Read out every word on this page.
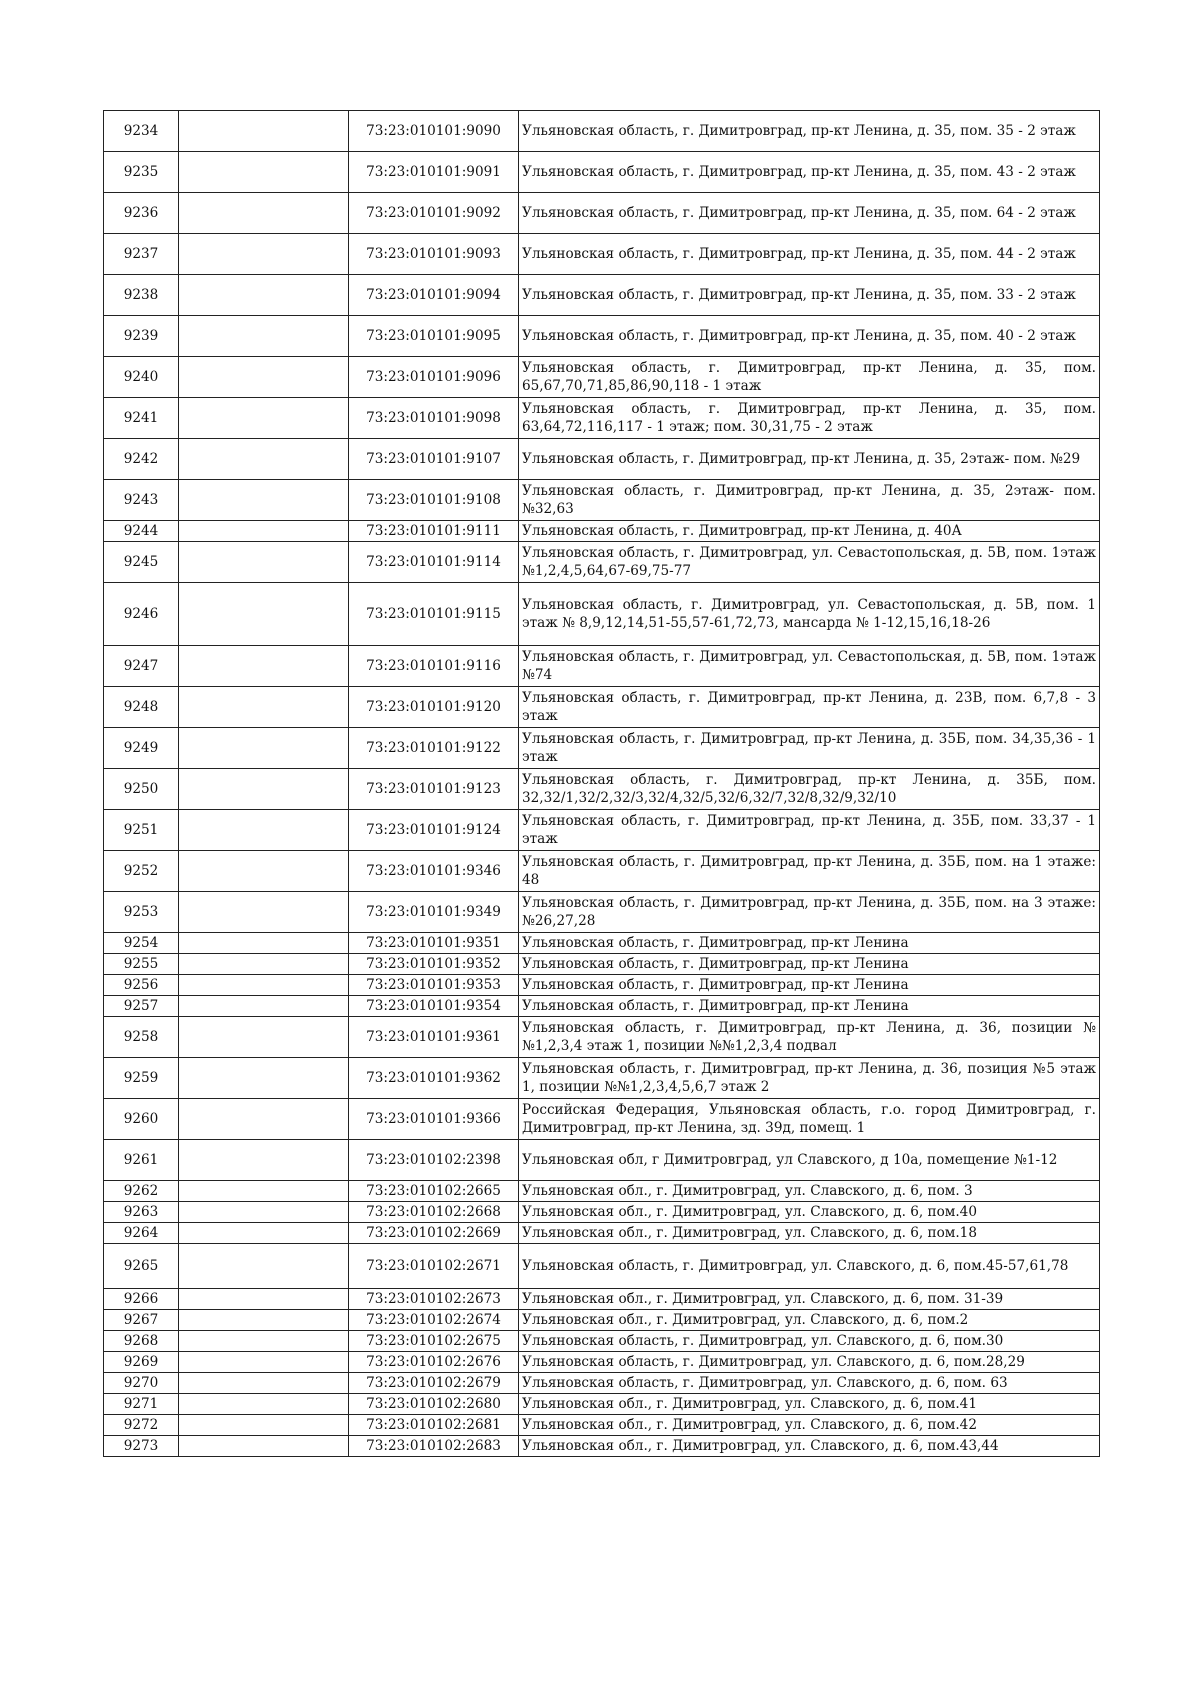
9234		73:23:010101:9090	Ульяновская область, г. Димитровград, пр-кт Ленина, д. 35, пом. 35 - 2 этаж
9235		73:23:010101:9091	Ульяновская область, г. Димитровград, пр-кт Ленина, д. 35, пом. 43 - 2 этаж
9236		73:23:010101:9092	Ульяновская область, г. Димитровград, пр-кт Ленина, д. 35, пом. 64 - 2 этаж
9237		73:23:010101:9093	Ульяновская область, г. Димитровград, пр-кт Ленина, д. 35, пом. 44 - 2 этаж
9238		73:23:010101:9094	Ульяновская область, г. Димитровград, пр-кт Ленина, д. 35, пом. 33 - 2 этаж
9239		73:23:010101:9095	Ульяновская область, г. Димитровград, пр-кт Ленина, д. 35, пом. 40 - 2 этаж
9240		73:23:010101:9096	Ульяновская область, г. Димитровград, пр-кт Ленина, д. 35, пом. 65,67,70,71,85,86,90,118 - 1 этаж
9241		73:23:010101:9098	Ульяновская область, г. Димитровград, пр-кт Ленина, д. 35, пом. 63,64,72,116,117 - 1 этаж; пом. 30,31,75 - 2 этаж
9242		73:23:010101:9107	Ульяновская область, г. Димитровград, пр-кт Ленина, д. 35, 2этаж- пом. №29
9243		73:23:010101:9108	Ульяновская область, г. Димитровград, пр-кт Ленина, д. 35, 2этаж- пом. №32,63
9244		73:23:010101:9111	Ульяновская область, г. Димитровград, пр-кт Ленина, д. 40А
9245		73:23:010101:9114	Ульяновская область, г. Димитровград, ул. Севастопольская, д. 5В, пом. 1этаж №1,2,4,5,64,67-69,75-77
9246		73:23:010101:9115	Ульяновская область, г. Димитровград, ул. Севастопольская, д. 5В, пом. 1 этаж № 8,9,12,14,51-55,57-61,72,73, мансарда № 1-12,15,16,18-26
9247		73:23:010101:9116	Ульяновская область, г. Димитровград, ул. Севастопольская, д. 5В, пом. 1этаж №74
9248		73:23:010101:9120	Ульяновская область, г. Димитровград, пр-кт Ленина, д. 23В, пом. 6,7,8 - 3 этаж
9249		73:23:010101:9122	Ульяновская область, г. Димитровград, пр-кт Ленина, д. 35Б, пом. 34,35,36 - 1 этаж
9250		73:23:010101:9123	Ульяновская область, г. Димитровград, пр-кт Ленина, д. 35Б, пом. 32,32/1,32/2,32/3,32/4,32/5,32/6,32/7,32/8,32/9,32/10
9251		73:23:010101:9124	Ульяновская область, г. Димитровград, пр-кт Ленина, д. 35Б, пом. 33,37 - 1 этаж
9252		73:23:010101:9346	Ульяновская область, г. Димитровград, пр-кт Ленина, д. 35Б, пом. на 1 этаже: 48
9253		73:23:010101:9349	Ульяновская область, г. Димитровград, пр-кт Ленина, д. 35Б, пом. на 3 этаже: №26,27,28
9254		73:23:010101:9351	Ульяновская область, г. Димитровград, пр-кт Ленина
9255		73:23:010101:9352	Ульяновская область, г. Димитровград, пр-кт Ленина
9256		73:23:010101:9353	Ульяновская область, г. Димитровград, пр-кт Ленина
9257		73:23:010101:9354	Ульяновская область, г. Димитровград, пр-кт Ленина
9258		73:23:010101:9361	Ульяновская область, г. Димитровград, пр-кт Ленина, д. 36, позиции №№1,2,3,4 этаж 1, позиции №№1,2,3,4 подвал
9259		73:23:010101:9362	Ульяновская область, г. Димитровград, пр-кт Ленина, д. 36, позиция №5 этаж 1, позиции №№1,2,3,4,5,6,7 этаж 2
9260		73:23:010101:9366	Российская Федерация, Ульяновская область, г.о. город Димитровград, г. Димитровград, пр-кт Ленина, зд. 39д, помещ. 1
9261		73:23:010102:2398	Ульяновская обл, г Димитровград, ул Славского, д 10а, помещение №1-12
9262		73:23:010102:2665	Ульяновская обл., г. Димитровград, ул. Славского, д. 6, пом. 3
9263		73:23:010102:2668	Ульяновская обл., г. Димитровград, ул. Славского, д. 6, пом.40
9264		73:23:010102:2669	Ульяновская обл., г. Димитровград, ул. Славского, д. 6, пом.18
9265		73:23:010102:2671	Ульяновская область, г. Димитровград, ул. Славского, д. 6, пом.45-57,61,78
9266		73:23:010102:2673	Ульяновская обл., г. Димитровград, ул. Славского, д. 6, пом. 31-39
9267		73:23:010102:2674	Ульяновская обл., г. Димитровград, ул. Славского, д. 6, пом.2
9268		73:23:010102:2675	Ульяновская область, г. Димитровград, ул. Славского, д. 6, пом.30
9269		73:23:010102:2676	Ульяновская область, г. Димитровград, ул. Славского, д. 6, пом.28,29
9270		73:23:010102:2679	Ульяновская область, г. Димитровград, ул. Славского, д. 6, пом. 63
9271		73:23:010102:2680	Ульяновская обл., г. Димитровград, ул. Славского, д. 6, пом.41
9272		73:23:010102:2681	Ульяновская обл., г. Димитровград, ул. Славского, д. 6, пом.42
9273		73:23:010102:2683	Ульяновская обл., г. Димитровград, ул. Славского, д. 6, пом.43,44
